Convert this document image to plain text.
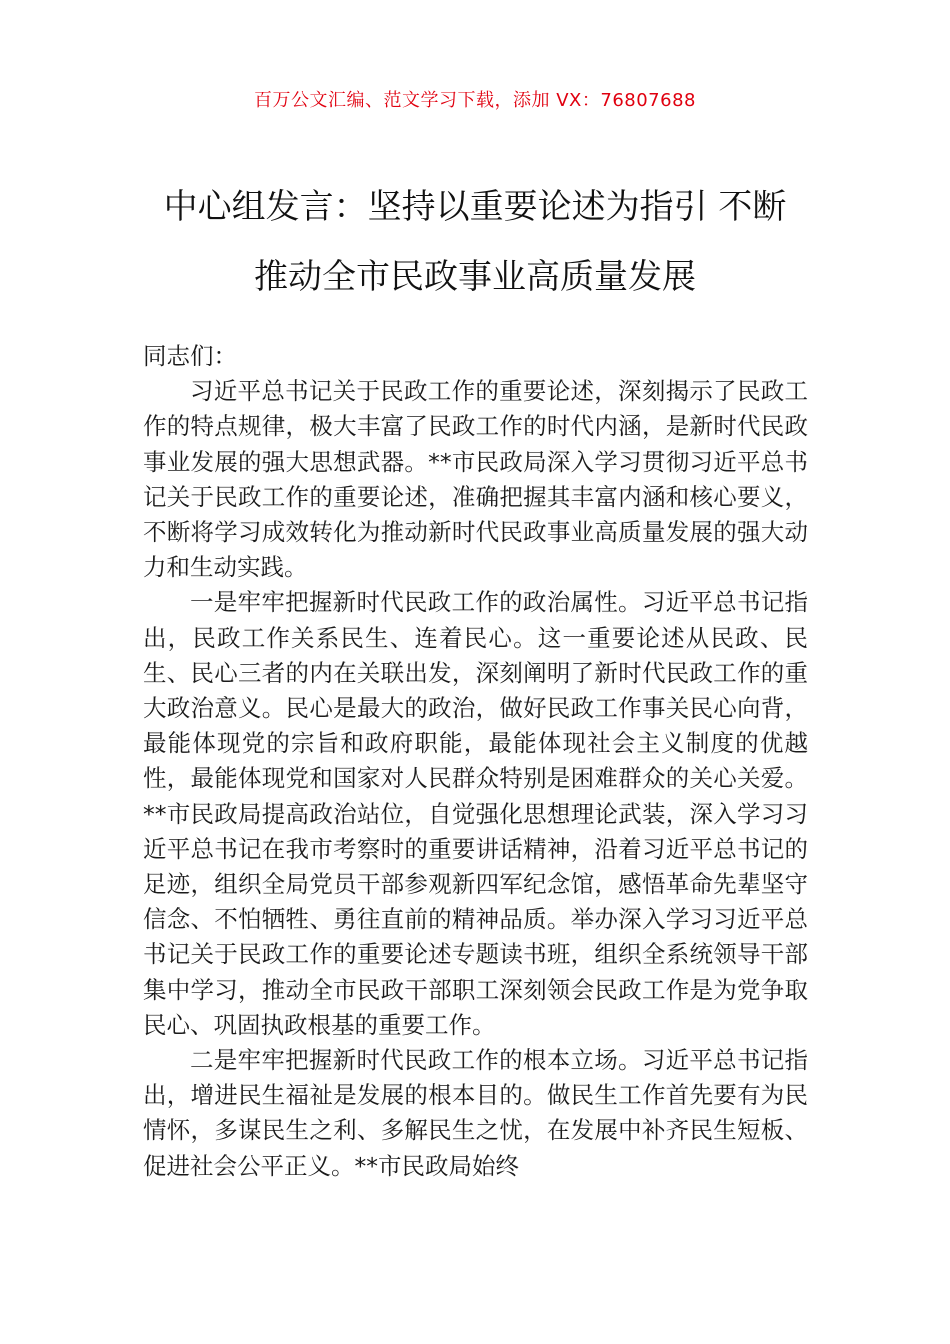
百万公文汇编、范文学习下载，添加 VX：76807688
中心组发言：坚持以重要论述为指引 不断
推动全市民政事业高质量发展

同志们：

习近平总书记关于民政工作的重要论述，深刻揭示了民政工作的特点规律，极大丰富了民政工作的时代内涵，是新时代民政事业发展的强大思想武器。**市民政局深入学习贯彻习近平总书记关于民政工作的重要论述，准确把握其丰富内涵和核心要义，不断将学习成效转化为推动新时代民政事业高质量发展的强大动力和生动实践。

一是牢牢把握新时代民政工作的政治属性。习近平总书记指出，民政工作关系民生、连着民心。这一重要论述从民政、民生、民心三者的内在关联出发，深刻阐明了新时代民政工作的重大政治意义。民心是最大的政治，做好民政工作事关民心向背，最能体现党的宗旨和政府职能，最能体现社会主义制度的优越性，最能体现党和国家对人民群众特别是困难群众的关心关爱。**市民政局提高政治站位，自觉强化思想理论武装，深入学习习近平总书记在我市考察时的重要讲话精神，沿着习近平总书记的足迹，组织全局党员干部参观新四军纪念馆，感悟革命先辈坚守信念、不怕牺牲、勇往直前的精神品质。举办深入学习习近平总书记关于民政工作的重要论述专题读书班，组织全系统领导干部集中学习，推动全市民政干部职工深刻领会民政工作是为党争取民心、巩固执政根基的重要工作。

二是牢牢把握新时代民政工作的根本立场。习近平总书记指出，增进民生福祉是发展的根本目的。做民生工作首先要有为民情怀，多谋民生之利、多解民生之忧，在发展中补齐民生短板、促进社会公平正义。**市民政局始终
